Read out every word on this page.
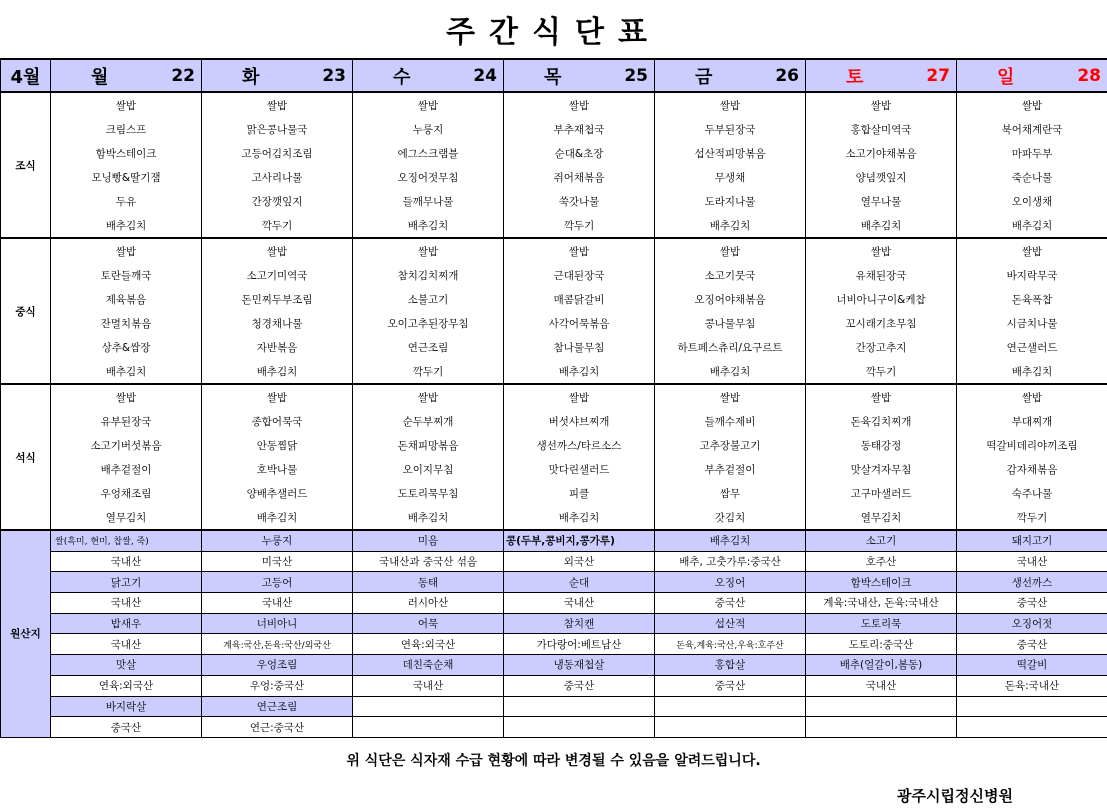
주간식단표
4월	월 22	화 23	수 24	목 25	금 26	토 27	일 28

조식	쌀밥	쌀밥	쌀밥	쌀밥	쌀밥	쌀밥	쌀밥
	크림스프	맑은콩나물국	누룽지	부추재첩국	두부된장국	홍합살미역국	북어채계란국
	함박스테이크	고등어김치조림	에그스크램블	순대&초장	섭산적피망볶음	소고기야채볶음	마파두부
	모닝빵&딸기잼	고사리나물	오징어젓무침	쥐어채볶음	무생채	양념깻잎지	죽순나물
	두유	간장깻잎지	들깨무나물	쑥갓나물	도라지나물	열무나물	오이생채
	배추김치	깍두기	배추김치	깍두기	배추김치	배추김치	배추김치
중식	쌀밥	쌀밥	쌀밥	쌀밥	쌀밥	쌀밥	쌀밥
	토란들깨국	소고기미역국	참치김치찌개	근대된장국	소고기뭇국	유채된장국	바지락무국
	제육볶음	돈민찌두부조림	소불고기	매콤닭갈비	오징어야채볶음	너비아니구이&케찹	돈육폭찹
	잔멸치볶음	청경채나물	오이고추된장무침	사각어묵볶음	콩나물무침	꼬시래기초무침	시금치나물
	상추&쌈장	자반볶음	연근조림	참나물무침	하트페스츄리/요구르트	간장고추지	연근샐러드
	배추김치	배추김치	깍두기	배추김치	배추김치	깍두기	배추김치
석식	쌀밥	쌀밥	쌀밥	쌀밥	쌀밥	쌀밥	쌀밥
	유부된장국	종합어묵국	순두부찌개	버섯샤브찌개	들깨수제비	돈육김치찌개	부대찌개
	소고기버섯볶음	안동찜닭	돈채피망볶음	생선까스/타르소스	고추장불고기	동태강정	떡갈비데리야끼조림
	배추겉절이	호박나물	오이지무침	맛다린샐러드	부추겉절이	맛살겨자무침	감자채볶음
	우엉채조림	양배추샐러드	도토리묵무침	피클	쌈무	고구마샐러드	숙주나물
	열무김치	배추김치	배추김치	배추김치	갓김치	열무김치	깍두기
원산지	쌀(흑미, 현미, 찹쌀, 죽)	누룽지	미음	콩(두부,콩비지,콩가루)	배추김치	소고기	돼지고기
	국내산	미국산	국내산과 중국산 섞음	외국산	배추, 고춧가루:중국산	호주산	국내산
	닭고기	고등어	동태	순대	오징어	함박스테이크	생선까스
	국내산	국내산	러시아산	국내산	중국산	계육:국내산, 돈육:국내산	중국산
	밥새우	너비아니	어묵	참치캔	섭산적	도토리묵	오징어젓
	국내산	계육:국산,돈육:국산/외국산	연육:외국산	가다랑어:베트남산	돈육,계육:국산,우육:호주산	도토리:중국산	중국산
	맛살	우엉조림	데친죽순채	냉동재첩살	홍합살	배추(얼갈이,봄동)	떡갈비
	연육:외국산	우엉:중국산	국내산	중국산	중국산	국내산	돈육:국내산
	바지락살	연근조림					
	중국산	연근:중국산					
위 식단은 식자재 수급 현황에 따라 변경될 수 있음을 알려드립니다.
광주시립정신병원
